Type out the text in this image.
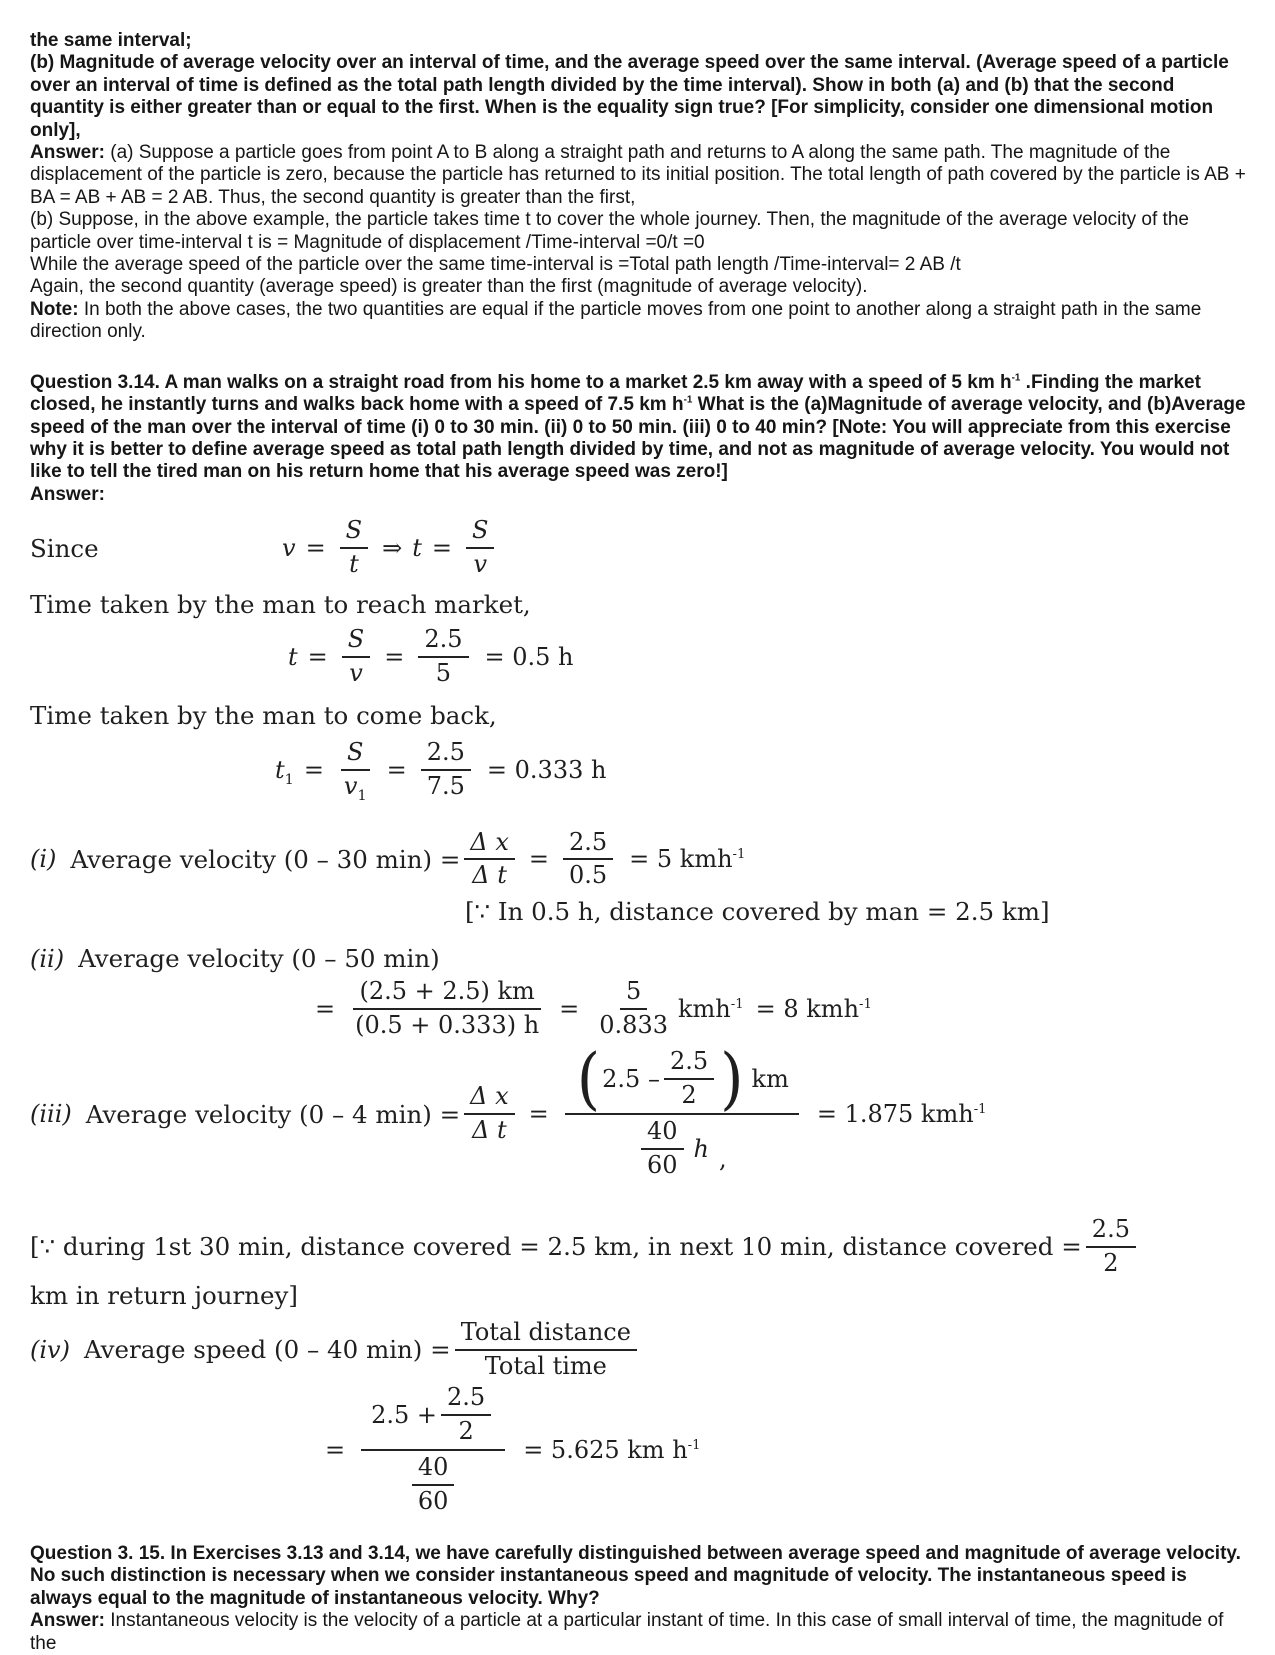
the same interval;

(b) Magnitude of average velocity over an interval of time, and the average speed over the same interval. (Average speed of a particle over an interval of time is defined as the total path length divided by the time interval). Show in both (a) and (b) that the second quantity is either greater than or equal to the first. When is the equality sign true? [For simplicity, consider one dimensional motion only],

Answer: (a) Suppose a particle goes from point A to B along a straight path and returns to A along the same path. The magnitude of the displacement of the particle is zero, because the particle has returned to its initial position. The total length of path covered by the particle is AB + BA = AB + AB = 2 AB. Thus, the second quantity is greater than the first,

(b) Suppose, in the above example, the particle takes time t to cover the whole journey. Then, the magnitude of the average velocity of the particle over time-interval t is = Magnitude of displacement /Time-interval =0/t =0

While the average speed of the particle over the same time-interval is =Total path length /Time-interval= 2 AB /t

Again, the second quantity (average speed) is greater than the first (magnitude of average velocity).

Note: In both the above cases, the two quantities are equal if the particle moves from one point to another along a straight path in the same direction only.

Question 3.14. A man walks on a straight road from his home to a market 2.5 km away with a speed of 5 km $h^{-1}$ .Finding the market closed, he instantly turns and walks back home with a speed of 7.5 km $h^{-1}$ What is the (a)Magnitude of average velocity, and (b)Average speed of the man over the interval of time (i) 0 to 30 min. (ii) 0 to 50 min. (iii) 0 to 40 min? [Note: You will appreciate from this exercise why it is better to define average speed as total path length divided by time, and not as magnitude of average velocity. You would not like to tell the tired man on his return home that his average speed was zero!]

Answer:

Since	$v = \frac{S}{t}$ ⇒ $t = \frac{S}{v}$
Time taken by the man to reach market,
$t = \frac{S}{v} = \frac{2.5}{5} = 0.5$ h
Time taken by the man to come back,
$t_1 = \frac{S}{v_1} = \frac{2.5}{7.5} = 0.333$ h
(i) Average velocity (0 – 30 $\min) = \frac{\text{Δ x}}{\text{Δ t}} = \frac{2.5}{0.5} = 5$ kmh$^{-1}$
[∵ In 0.5 h, distance covered by man = 2.5 km]
(ii) Average velocity (0 – 50 min)
= $\frac{(2.5 + 2.5) km}{(0.5 + 0.333) h} = \frac{5}{0.833} kmh^{-1} = 8$ kmh$^{-1}$
(iii) Average velocity (0 – 4 $\min) = \frac{\text{Δ x}}{\text{Δ t}} = \frac{( 2.5 - \frac{2.5}{2} ) km}{\frac{40}{60} h ,} = 1.875$ kmh$^{-1}$
[∵ during 1st 30 min, distance covered = 2.5 km, in next 10 min, distance covered = $\frac{2.5}{2}$
km in return journey]
(iv) Average speed (0 – 40 $\min) = \frac{\text{Total distance}}{\text{Total time}}$
= $\frac{2.5 + \frac{2.5}{2}}{\frac{40}{60}} = 5.625$ km $h^{-1}$

Question 3. 15. In Exercises 3.13 and 3.14, we have carefully distinguished between average speed and magnitude of average velocity. No such distinction is necessary when we consider instantaneous speed and magnitude of velocity. The instantaneous speed is always equal to the magnitude of instantaneous velocity. Why?

Answer: Instantaneous velocity is the velocity of a particle at a particular instant of time. In this case of small interval of time, the magnitude of the
